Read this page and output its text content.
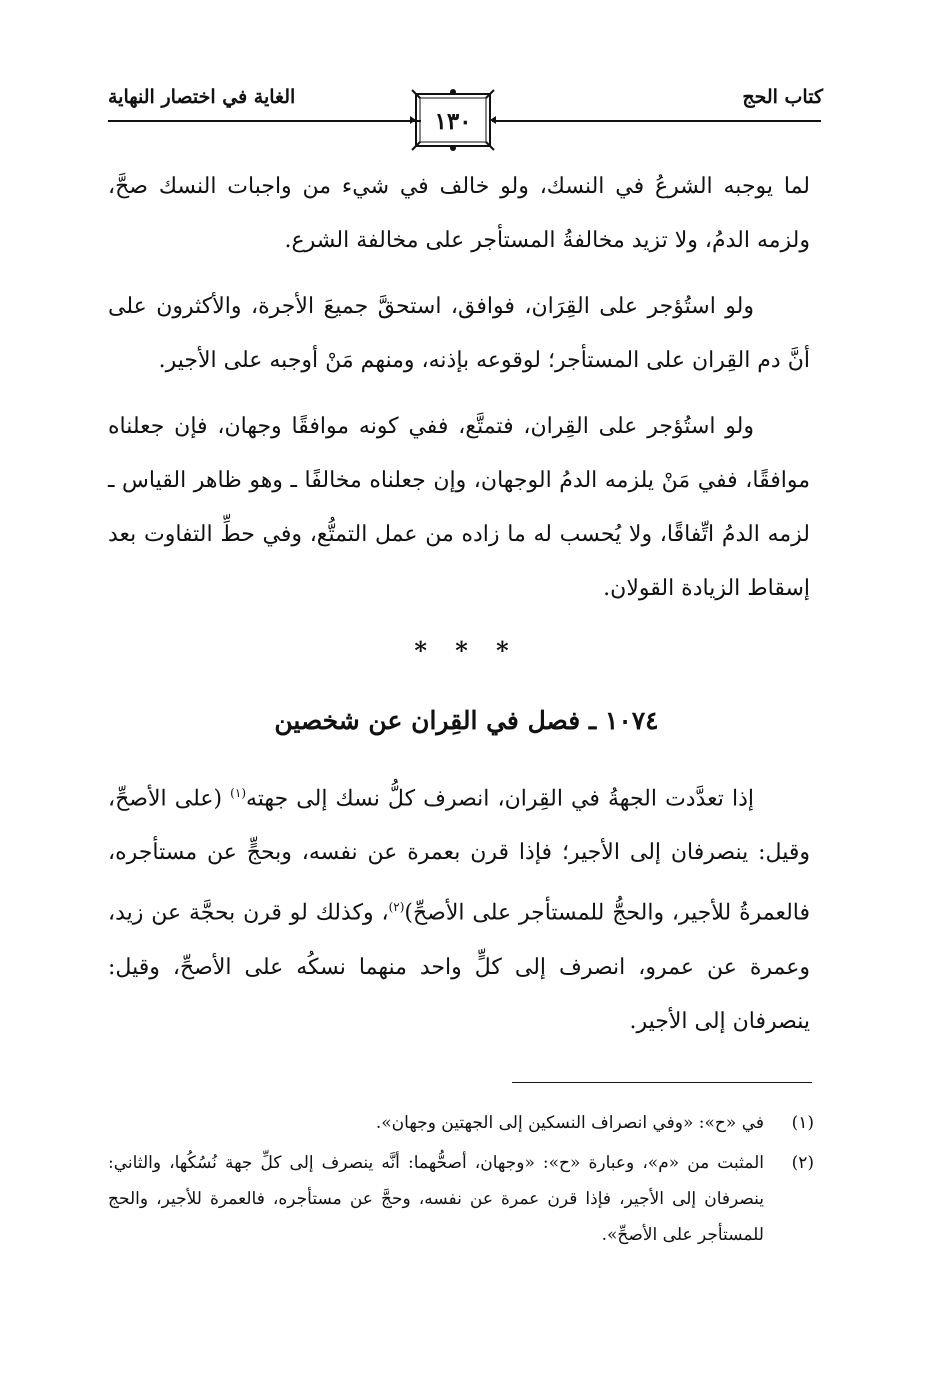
كتاب الحج
الغاية في اختصار النهاية
١٣٠

لما يوجبه الشرعُ في النسك، ولو خالف في شيء من واجبات النسك صحَّ، ولزمه الدمُ، ولا تزيد مخالفةُ المستأجر على مخالفة الشرع.

ولو استُؤجر على القِرَان، فوافق، استحقَّ جميعَ الأجرة، والأكثرون على أنَّ دم القِران على المستأجر؛ لوقوعه بإذنه، ومنهم مَنْ أوجبه على الأجير.

ولو استُؤجر على القِران، فتمتَّع، ففي كونه موافقًا وجهان، فإن جعلناه موافقًا، ففي مَنْ يلزمه الدمُ الوجهان، وإن جعلناه مخالفًا ـ وهو ظاهر القياس ـ لزمه الدمُ اتِّفاقًا، ولا يُحسب له ما زاده من عمل التمتُّع، وفي حطِّ التفاوت بعد إسقاط الزيادة القولان.

* * *
١٠٧٤ ـ فصل في القِران عن شخصين

إذا تعدَّدت الجهةُ في القِران، انصرف كلُّ نسك إلى جهته$^{(١)}$ (على الأصحِّ، وقيل: ينصرفان إلى الأجير؛ فإذا قرن بعمرة عن نفسه، وبحجٍّ عن مستأجره، فالعمرةُ للأجير، والحجُّ للمستأجر على الأصحِّ)$^{(٢)}$، وكذلك لو قرن بحجَّة عن زيد، وعمرة عن عمرو، انصرف إلى كلٍّ واحد منهما نسكُه على الأصحِّ، وقيل: ينصرفان إلى الأجير.

(١)
في «ح»: «وفي انصراف النسكين إلى الجهتين وجهان».
(٢)
المثبت من «م»، وعبارة «ح»: «وجهان، أصحُّهما: أنَّه ينصرف إلى كلِّ جهة نُسُكُها، والثاني: ينصرفان إلى الأجير، فإذا قرن عمرة عن نفسه، وحجَّ عن مستأجره، فالعمرة للأجير، والحج للمستأجر على الأصحِّ».
